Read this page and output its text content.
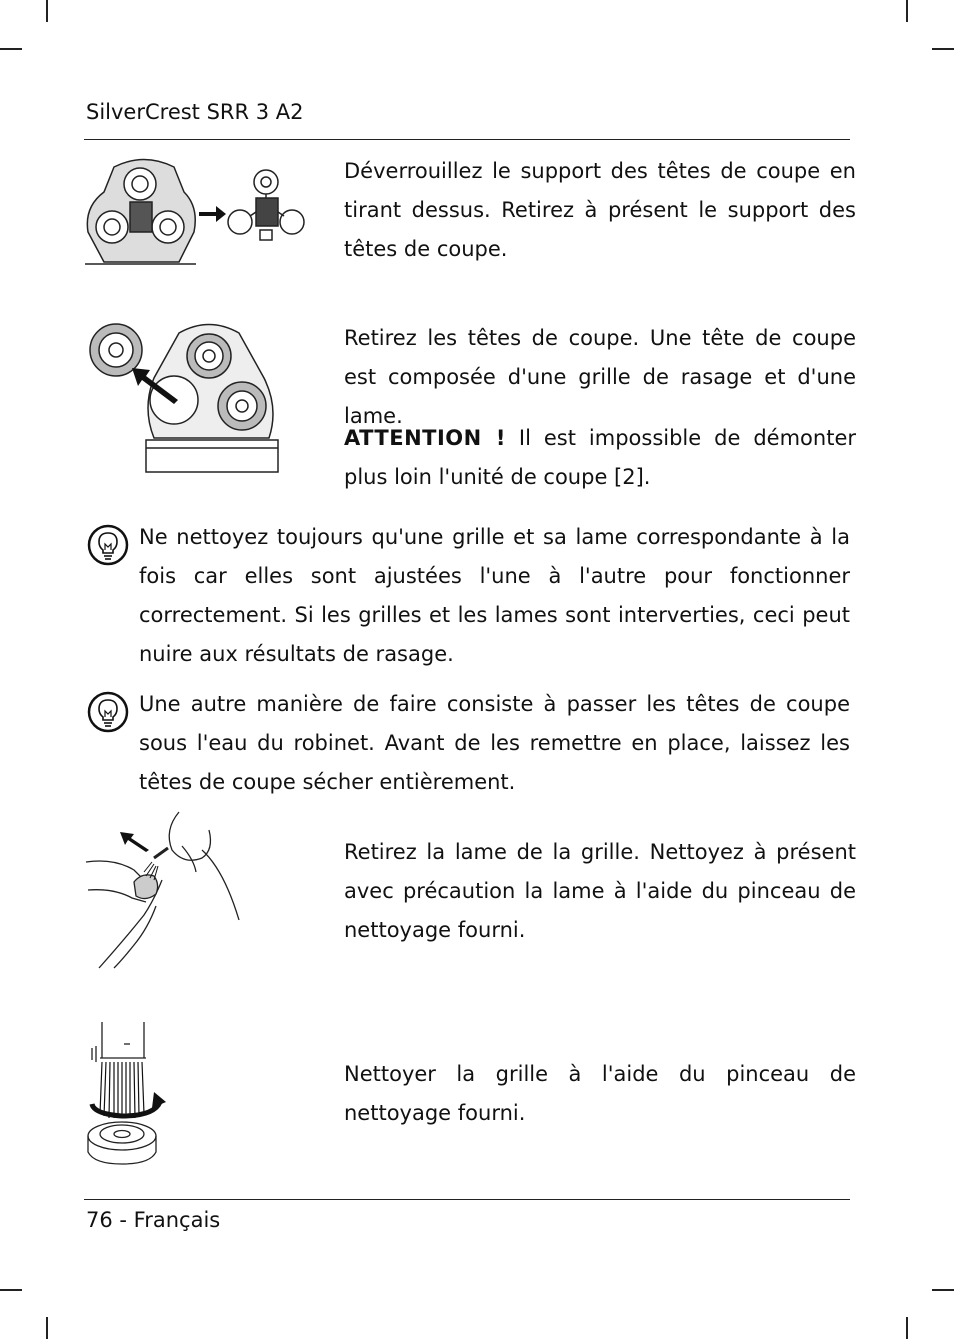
SilverCrest SRR 3 A2
Déverrouillez le support des têtes de coupe en tirant dessus. Retirez à présent le support des têtes de coupe.
Retirez les têtes de coupe. Une tête de coupe est composée d'une grille de rasage et d'une lame.
ATTENTION ! Il est impossible de démonter plus loin l'unité de coupe [2].
Ne nettoyez toujours qu'une grille et sa lame correspondante à la fois car elles sont ajustées l'une à l'autre pour fonctionner correctement. Si les grilles et les lames sont interverties, ceci peut nuire aux résultats de rasage.
Une autre manière de faire consiste à passer les têtes de coupe sous l'eau du robinet. Avant de les remettre en place, laissez les têtes de coupe sécher entièrement.
Retirez la lame de la grille. Nettoyez à présent avec précaution la lame à l'aide du pinceau de nettoyage fourni.
Nettoyer la grille à l'aide du pinceau de nettoyage fourni.
76 - Français
